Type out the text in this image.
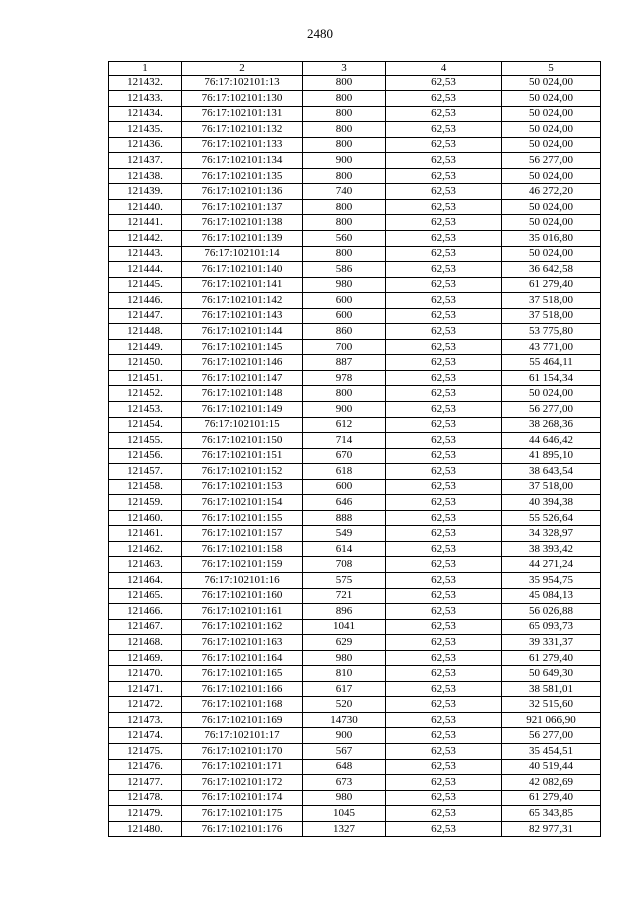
2480
1	2	3	4	5
121432.	76:17:102101:13	800	62,53	50 024,00
121433.	76:17:102101:130	800	62,53	50 024,00
121434.	76:17:102101:131	800	62,53	50 024,00
121435.	76:17:102101:132	800	62,53	50 024,00
121436.	76:17:102101:133	800	62,53	50 024,00
121437.	76:17:102101:134	900	62,53	56 277,00
121438.	76:17:102101:135	800	62,53	50 024,00
121439.	76:17:102101:136	740	62,53	46 272,20
121440.	76:17:102101:137	800	62,53	50 024,00
121441.	76:17:102101:138	800	62,53	50 024,00
121442.	76:17:102101:139	560	62,53	35 016,80
121443.	76:17:102101:14	800	62,53	50 024,00
121444.	76:17:102101:140	586	62,53	36 642,58
121445.	76:17:102101:141	980	62,53	61 279,40
121446.	76:17:102101:142	600	62,53	37 518,00
121447.	76:17:102101:143	600	62,53	37 518,00
121448.	76:17:102101:144	860	62,53	53 775,80
121449.	76:17:102101:145	700	62,53	43 771,00
121450.	76:17:102101:146	887	62,53	55 464,11
121451.	76:17:102101:147	978	62,53	61 154,34
121452.	76:17:102101:148	800	62,53	50 024,00
121453.	76:17:102101:149	900	62,53	56 277,00
121454.	76:17:102101:15	612	62,53	38 268,36
121455.	76:17:102101:150	714	62,53	44 646,42
121456.	76:17:102101:151	670	62,53	41 895,10
121457.	76:17:102101:152	618	62,53	38 643,54
121458.	76:17:102101:153	600	62,53	37 518,00
121459.	76:17:102101:154	646	62,53	40 394,38
121460.	76:17:102101:155	888	62,53	55 526,64
121461.	76:17:102101:157	549	62,53	34 328,97
121462.	76:17:102101:158	614	62,53	38 393,42
121463.	76:17:102101:159	708	62,53	44 271,24
121464.	76:17:102101:16	575	62,53	35 954,75
121465.	76:17:102101:160	721	62,53	45 084,13
121466.	76:17:102101:161	896	62,53	56 026,88
121467.	76:17:102101:162	1041	62,53	65 093,73
121468.	76:17:102101:163	629	62,53	39 331,37
121469.	76:17:102101:164	980	62,53	61 279,40
121470.	76:17:102101:165	810	62,53	50 649,30
121471.	76:17:102101:166	617	62,53	38 581,01
121472.	76:17:102101:168	520	62,53	32 515,60
121473.	76:17:102101:169	14730	62,53	921 066,90
121474.	76:17:102101:17	900	62,53	56 277,00
121475.	76:17:102101:170	567	62,53	35 454,51
121476.	76:17:102101:171	648	62,53	40 519,44
121477.	76:17:102101:172	673	62,53	42 082,69
121478.	76:17:102101:174	980	62,53	61 279,40
121479.	76:17:102101:175	1045	62,53	65 343,85
121480.	76:17:102101:176	1327	62,53	82 977,31
